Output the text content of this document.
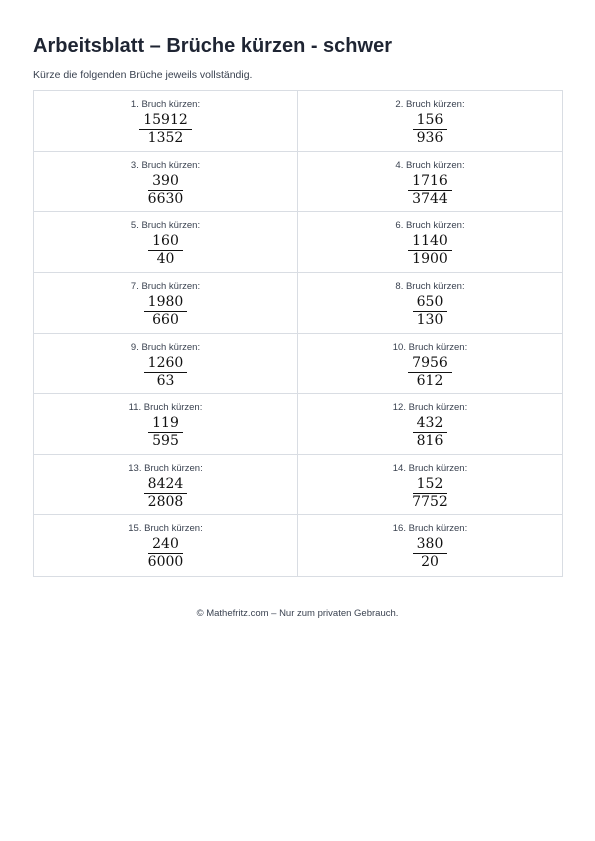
Arbeitsblatt – Brüche kürzen - schwer

Kürze die folgenden Brüche jeweils vollständig.

1. Bruch kürzen:
$\frac{15912}{1352}$
2. Bruch kürzen:
$\frac{156}{936}$
3. Bruch kürzen:
$\frac{390}{6630}$
4. Bruch kürzen:
$\frac{1716}{3744}$
5. Bruch kürzen:
$\frac{160}{40}$
6. Bruch kürzen:
$\frac{1140}{1900}$
7. Bruch kürzen:
$\frac{1980}{660}$
8. Bruch kürzen:
$\frac{650}{130}$
9. Bruch kürzen:
$\frac{1260}{63}$
10. Bruch kürzen:
$\frac{7956}{612}$
11. Bruch kürzen:
$\frac{119}{595}$
12. Bruch kürzen:
$\frac{432}{816}$
13. Bruch kürzen:
$\frac{8424}{2808}$
14. Bruch kürzen:
$\frac{152}{7752}$
15. Bruch kürzen:
$\frac{240}{6000}$
16. Bruch kürzen:
$\frac{380}{20}$
© Mathefritz.com – Nur zum privaten Gebrauch.
